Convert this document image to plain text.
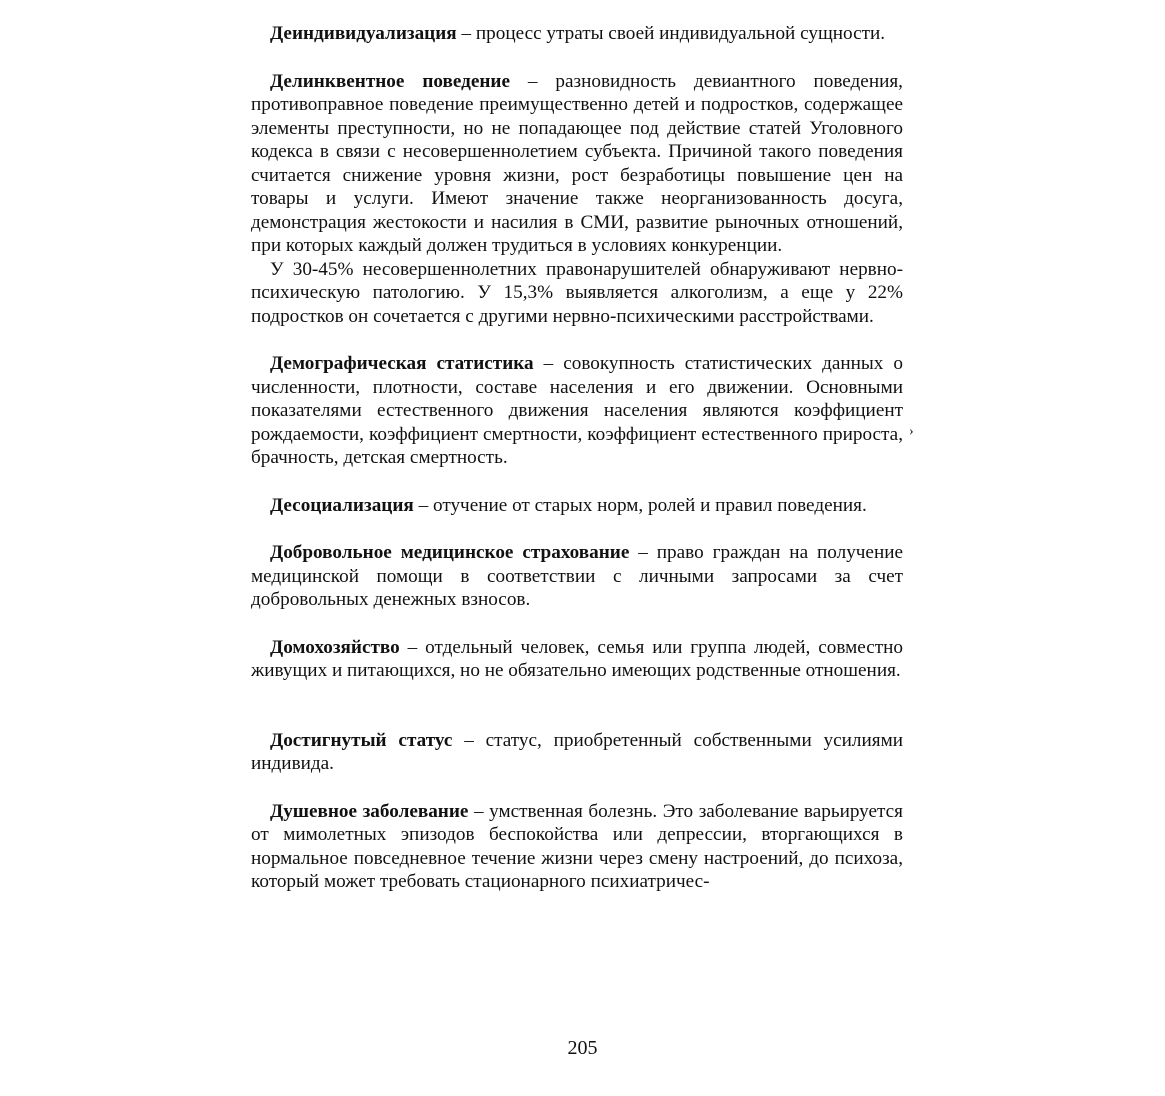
Деиндивидуализация – процесс утраты своей индивидуальной сущности.

Делинквентное поведение – разновидность девиантного поведения, противоправное поведение преимущественно детей и подростков, содержащее элементы преступности, но не попадающее под действие статей Уголовного кодекса в связи с несовершеннолетием субъекта. Причиной такого поведения считается снижение уровня жизни, рост безработицы повышение цен на товары и услуги. Имеют значение также неорганизованность досуга, демонстрация жестокости и насилия в СМИ, развитие рыночных отношений, при которых каждый должен трудиться в условиях конкуренции.

У 30-45% несовершеннолетних правонарушителей обнаруживают нервно-психическую патологию. У 15,3% выявляется алкоголизм, а еще у 22% подростков он сочетается с другими нервно-психическими расстройствами.

Демографическая статистика – совокупность статистических данных о численности, плотности, составе населения и его движении. Основными показателями естественного движения населения являются коэффициент рождаемости, коэффициент смертности, коэффициент естественного прироста, брачность, детская смертность.

Десоциализация – отучение от старых норм, ролей и правил поведения.

Добровольное медицинское страхование – право граждан на получение медицинской помощи в соответствии с личными запросами за счет добровольных денежных взносов.

Домохозяйство – отдельный человек, семья или группа людей, совместно живущих и питающихся, но не обязательно имеющих родственные отношения.

Достигнутый статус – статус, приобретенный собственными усилиями индивида.

Душевное заболевание – умственная болезнь. Это заболевание варьируется от мимолетных эпизодов беспокойства или депрессии, вторгающихся в нормальное повседневное течение жизни через смену настроений, до психоза, который может требовать стационарного психиатричес-

›
205
